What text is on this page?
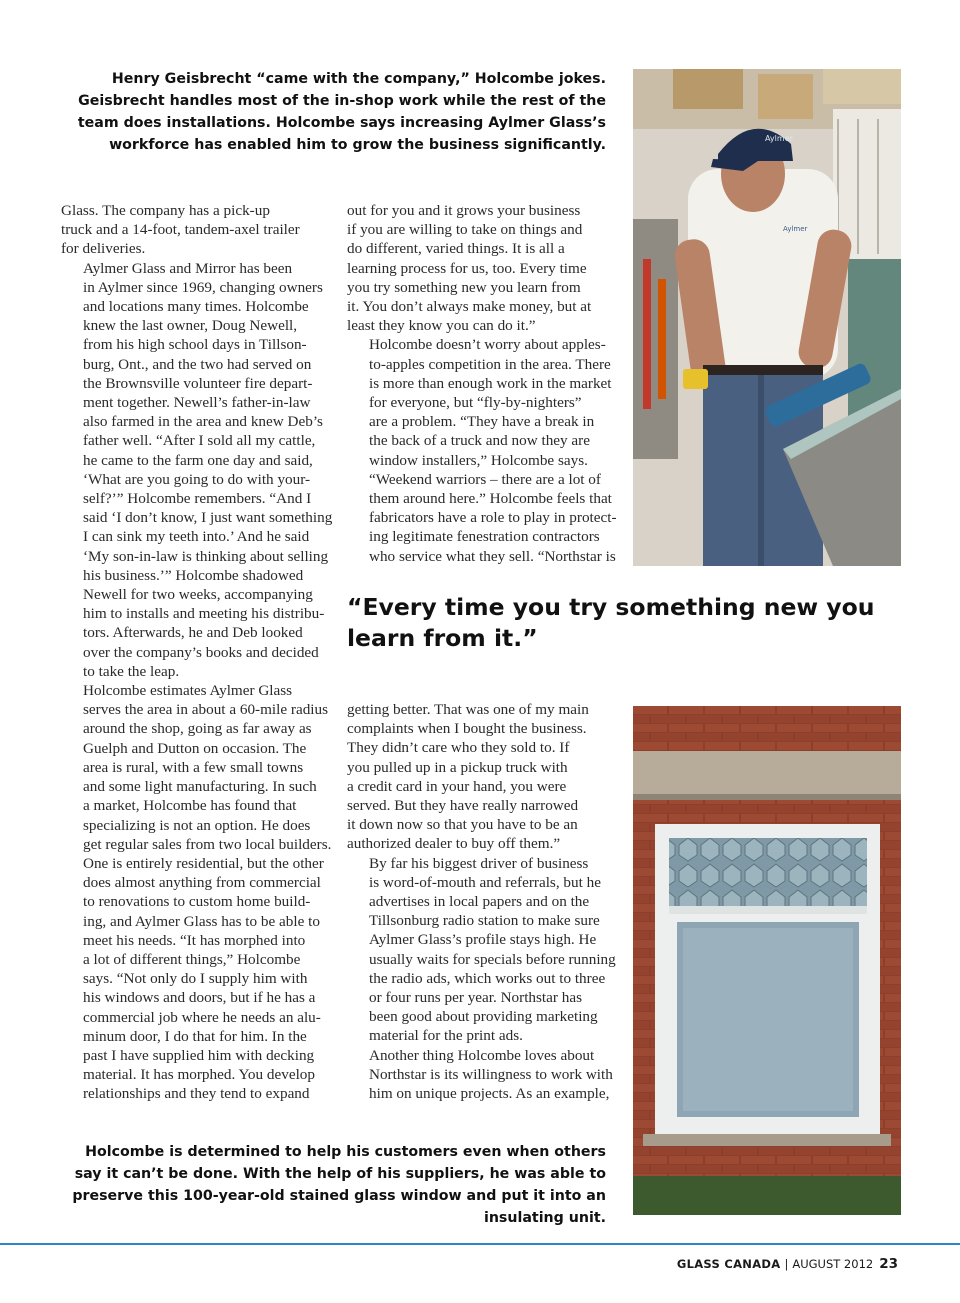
Henry Geisbrecht “came with the company,” Holcombe jokes.
Geisbrecht handles most of the in-shop work while the rest of the
team does installations. Holcombe says increasing Aylmer Glass’s
workforce has enabled him to grow the business significantly.

Glass. The company has a pick-up
truck and a 14-foot, tandem-axel trailer
for deliveries.

Aylmer Glass and Mirror has been
in Aylmer since 1969, changing owners
and locations many times. Holcombe
knew the last owner, Doug Newell,
from his high school days in Tillson-
burg, Ont., and the two had served on
the Brownsville volunteer fire depart-
ment together. Newell’s father-in-law
also farmed in the area and knew Deb’s
father well. “After I sold all my cattle,
he came to the farm one day and said,
‘What are you going to do with your-
self?’” Holcombe remembers. “And I
said ‘I don’t know, I just want something
I can sink my teeth into.’ And he said
‘My son-in-law is thinking about selling
his business.’” Holcombe shadowed
Newell for two weeks, accompanying
him to installs and meeting his distribu-
tors. Afterwards, he and Deb looked
over the company’s books and decided
to take the leap.

Holcombe estimates Aylmer Glass
serves the area in about a 60-mile radius
around the shop, going as far away as
Guelph and Dutton on occasion. The
area is rural, with a few small towns
and some light manufacturing. In such
a market, Holcombe has found that
specializing is not an option. He does
get regular sales from two local builders.
One is entirely residential, but the other
does almost anything from commercial
to renovations to custom home build-
ing, and Aylmer Glass has to be able to
meet his needs. “It has morphed into
a lot of different things,” Holcombe
says. “Not only do I supply him with
his windows and doors, but if he has a
commercial job where he needs an alu-
minum door, I do that for him. In the
past I have supplied him with decking
material. It has morphed. You develop
relationships and they tend to expand

out for you and it grows your business
if you are willing to take on things and
do different, varied things. It is all a
learning process for us, too. Every time
you try something new you learn from
it. You don’t always make money, but at
least they know you can do it.”

Holcombe doesn’t worry about apples-
to-apples competition in the area. There
is more than enough work in the market
for everyone, but “fly-by-nighters”
are a problem. “They have a break in
the back of a truck and now they are
window installers,” Holcombe says.
“Weekend warriors – there are a lot of
them around here.” Holcombe feels that
fabricators have a role to play in protect-
ing legitimate fenestration contractors
who service what they sell. “Northstar is

“Every time you try something new you
learn from it.”

getting better. That was one of my main
complaints when I bought the business.
They didn’t care who they sold to. If
you pulled up in a pickup truck with
a credit card in your hand, you were
served. But they have really narrowed
it down now so that you have to be an
authorized dealer to buy off them.”

By far his biggest driver of business
is word-of-mouth and referrals, but he
advertises in local papers and on the
Tillsonburg radio station to make sure
Aylmer Glass’s profile stays high. He
usually waits for specials before running
the radio ads, which works out to three
or four runs per year. Northstar has
been good about providing marketing
material for the print ads.

Another thing Holcombe loves about
Northstar is its willingness to work with
him on unique projects. As an example,

Aylmer
Aylmer
Holcombe is determined to help his customers even when others
say it can’t be done. With the help of his suppliers, he was able to
preserve this 100-year-old stained glass window and put it into an
insulating unit.
GLASS CANADA | AUGUST 2012 23
